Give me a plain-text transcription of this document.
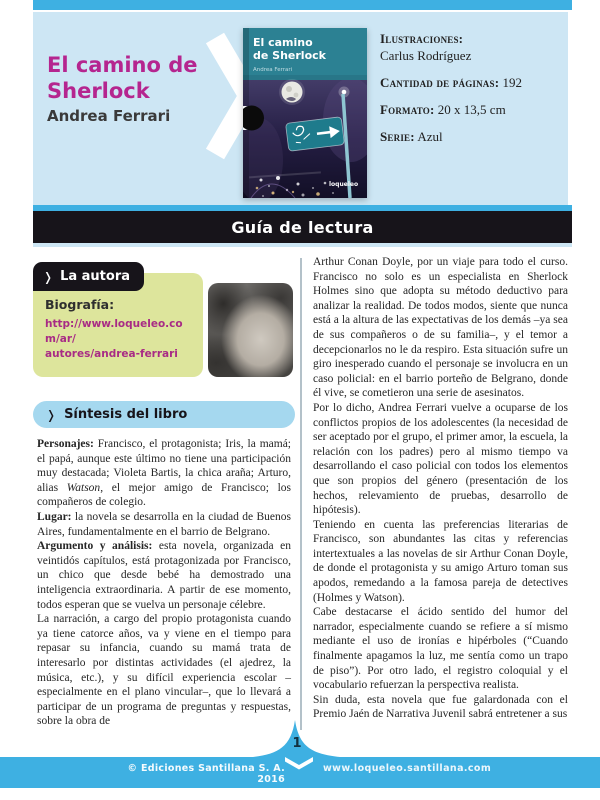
El camino de
Sherlock
Andrea Ferrari
El camino
de Sherlock
Andrea Ferrari
loqueleo
Ilustraciones:
Carlus Rodríguez
Cantidad de páginas: 192
Formato: 20 x 13,5 cm
Serie: Azul
Guía de lectura
❭ La autora
Biografía:
http://www.loqueleo.com/ar/
autores/andrea-ferrari
❭ Síntesis del libro

Personajes: Francisco, el protagonista; Iris, la mamá; el papá, aunque este último no tiene una participación muy destacada; Violeta Bartis, la chica araña; Arturo, alias Watson, el mejor amigo de Francisco; los compañeros de colegio.

Lugar: la novela se desarrolla en la ciudad de Buenos Aires, fundamentalmente en el barrio de Belgrano.

Argumento y análisis: esta novela, organizada en veintidós capítulos, está protagonizada por Francisco, un chico que desde bebé ha demostrado una inteligencia extraordinaria. A partir de ese momento, todos esperan que se vuelva un personaje célebre.

La narración, a cargo del propio protagonista cuando ya tiene catorce años, va y viene en el tiempo para repasar su infancia, cuando su mamá trata de interesarlo por distintas actividades (el ajedrez, la música, etc.), y su difícil experiencia escolar –especialmente en el plano vincular–, que lo llevará a participar de un programa de preguntas y respuestas, sobre la obra de

Arthur Conan Doyle, por un viaje para todo el curso. Francisco no solo es un especialista en Sherlock Holmes sino que adopta su método deductivo para analizar la realidad. De todos modos, siente que nunca está a la altura de las expectativas de los demás –ya sea de sus compañeros o de su familia–, y el temor a decepcionarlos no le da respiro. Esta situación sufre un giro inesperado cuando el personaje se involucra en un caso policial: en el barrio porteño de Belgrano, donde él vive, se cometieron una serie de asesinatos.

Por lo dicho, Andrea Ferrari vuelve a ocuparse de los conflictos propios de los adolescentes (la necesidad de ser aceptado por el grupo, el primer amor, la escuela, la relación con los padres) pero al mismo tiempo va desarrollando el caso policial con todos los elementos que son propios del género (presentación de los hechos, relevamiento de pruebas, desarrollo de hipótesis).

Teniendo en cuenta las preferencias literarias de Francisco, son abundantes las citas y referencias intertextuales a las novelas de sir Arthur Conan Doyle, de donde el protagonista y su amigo Arturo toman sus apodos, remedando a la famosa pareja de detectives (Holmes y Watson).

Cabe destacarse el ácido sentido del humor del narrador, especialmente cuando se refiere a sí mismo mediante el uso de ironías e hipérboles (“Cuando finalmente apagamos la luz, me sentía como un trapo de piso”). Por otro lado, el registro coloquial y el vocabulario refuerzan la perspectiva realista.

Sin duda, esta novela que fue galardonada con el Premio Jaén de Narrativa Juvenil sabrá entretener a sus

© Ediciones Santillana S. A. 2016
1
www.loqueleo.santillana.com
